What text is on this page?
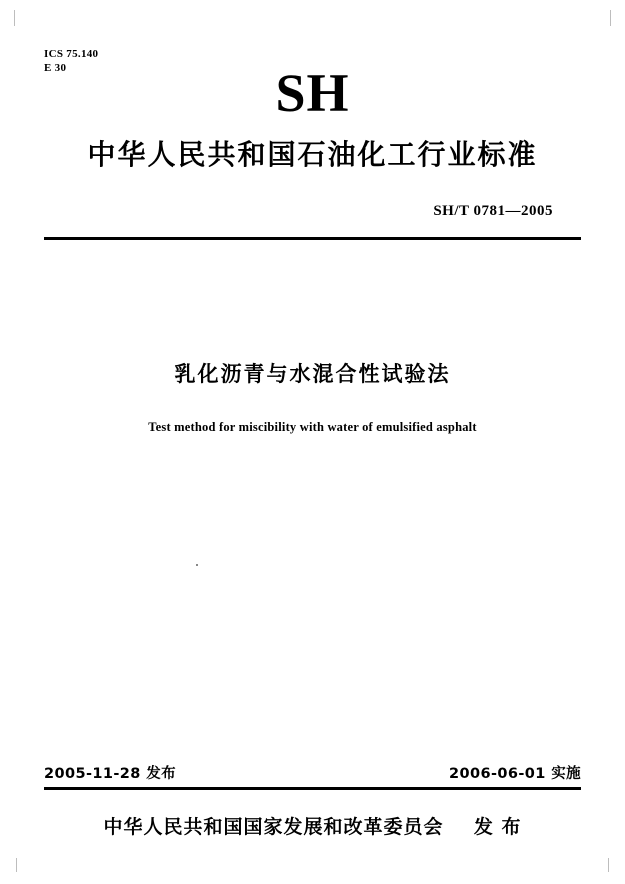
ICS 75.140
E 30	SH
中华人民共和国石油化工行业标准
SH/T 0781—2005
乳化沥青与水混合性试验法
Test method for miscibility with water of emulsified asphalt
2005-11-28 发布	2006-06-01 实施
中华人民共和国国家发展和改革委员会    发 布
